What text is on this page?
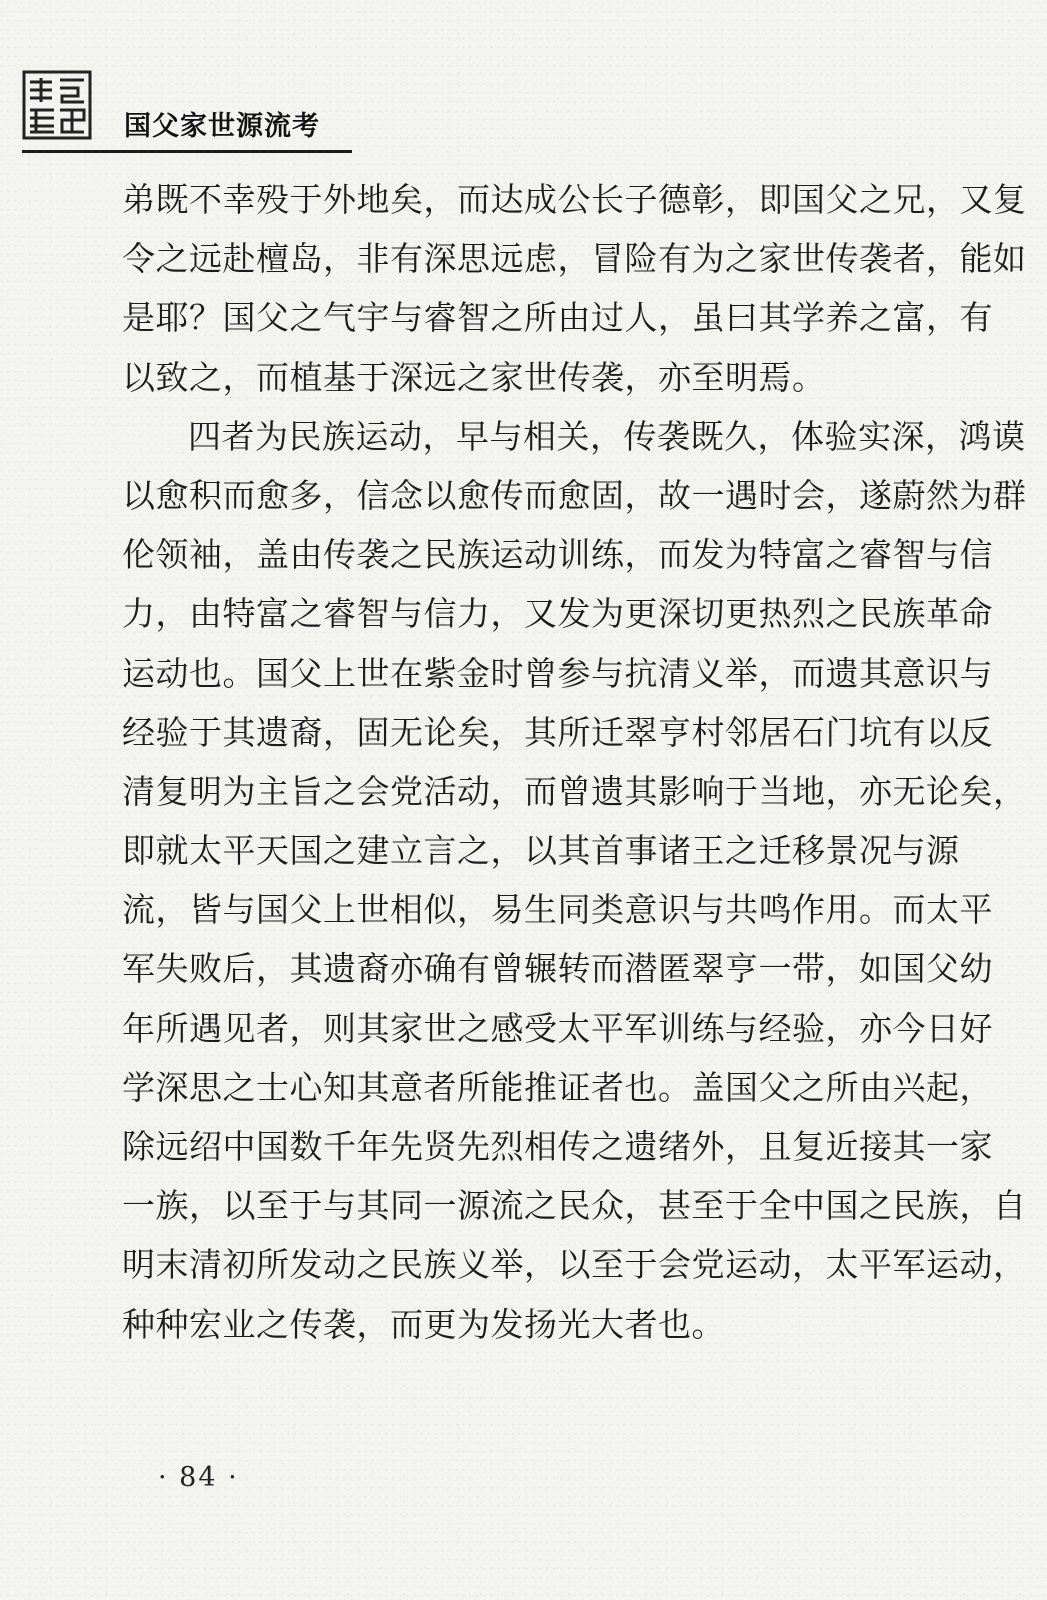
国父家世源流考
弟既不幸殁于外地矣，而达成公长子德彰，即国父之兄，又复
令之远赴檀岛，非有深思远虑，冒险有为之家世传袭者，能如
是耶？国父之气宇与睿智之所由过人，虽曰其学养之富，有
以致之，而植基于深远之家世传袭，亦至明焉。
四者为民族运动，早与相关，传袭既久，体验实深，鸿谟
以愈积而愈多，信念以愈传而愈固，故一遇时会，遂蔚然为群
伦领袖，盖由传袭之民族运动训练，而发为特富之睿智与信
力，由特富之睿智与信力，又发为更深切更热烈之民族革命
运动也。国父上世在紫金时曾参与抗清义举，而遗其意识与
经验于其遗裔，固无论矣，其所迁翠亨村邻居石门坑有以反
清复明为主旨之会党活动，而曾遗其影响于当地，亦无论矣，
即就太平天国之建立言之，以其首事诸王之迁移景况与源
流，皆与国父上世相似，易生同类意识与共鸣作用。而太平
军失败后，其遗裔亦确有曾辗转而潜匿翠亨一带，如国父幼
年所遇见者，则其家世之感受太平军训练与经验，亦今日好
学深思之士心知其意者所能推证者也。盖国父之所由兴起，
除远绍中国数千年先贤先烈相传之遗绪外，且复近接其一家
一族，以至于与其同一源流之民众，甚至于全中国之民族，自
明末清初所发动之民族义举，以至于会党运动，太平军运动，
种种宏业之传袭，而更为发扬光大者也。
· 84 ·
